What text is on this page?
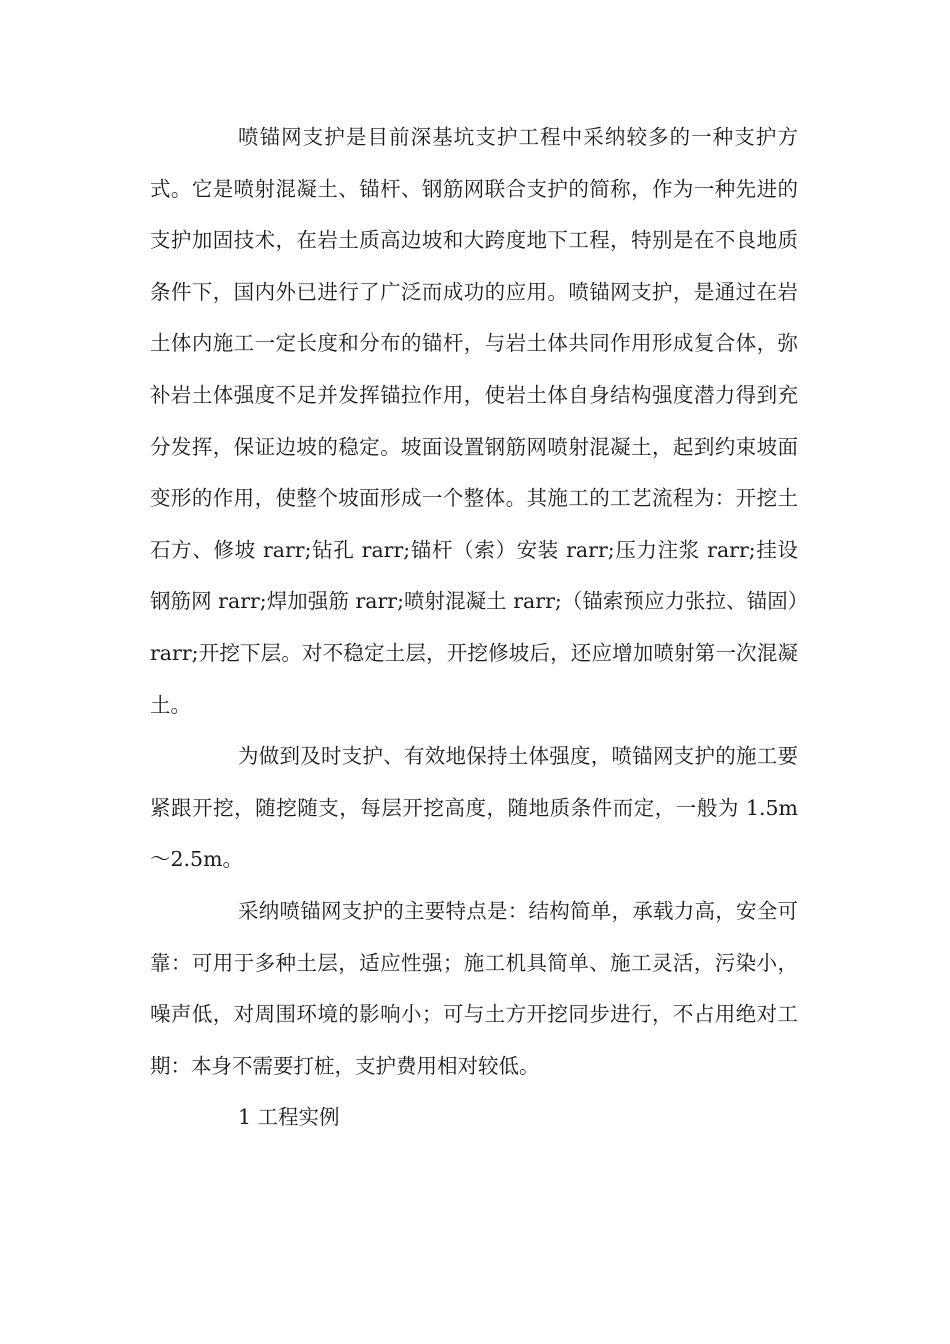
喷锚网支护是目前深基坑支护工程中采纳较多的一种支护方式。它是喷射混凝土、锚杆、钢筋网联合支护的简称，作为一种先进的支护加固技术，在岩土质高边坡和大跨度地下工程，特别是在不良地质条件下，国内外已进行了广泛而成功的应用。喷锚网支护，是通过在岩土体内施工一定长度和分布的锚杆，与岩土体共同作用形成复合体，弥补岩土体强度不足并发挥锚拉作用，使岩土体自身结构强度潜力得到充分发挥，保证边坡的稳定。坡面设置钢筋网喷射混凝土，起到约束坡面变形的作用，使整个坡面形成一个整体。其施工的工艺流程为：开挖土石方、修坡 rarr;钻孔 rarr;锚杆（索）安装 rarr;压力注浆 rarr;挂设钢筋网 rarr;焊加强筋 rarr;喷射混凝土 rarr;（锚索预应力张拉、锚固）rarr;开挖下层。对不稳定土层，开挖修坡后，还应增加喷射第一次混凝土。

为做到及时支护、有效地保持土体强度，喷锚网支护的施工要紧跟开挖，随挖随支，每层开挖高度，随地质条件而定，一般为 1.5m～2.5m。

采纳喷锚网支护的主要特点是：结构简单，承载力高，安全可靠：可用于多种土层，适应性强；施工机具简单、施工灵活，污染小，噪声低，对周围环境的影响小；可与土方开挖同步进行，不占用绝对工期：本身不需要打桩，支护费用相对较低。

1 工程实例
